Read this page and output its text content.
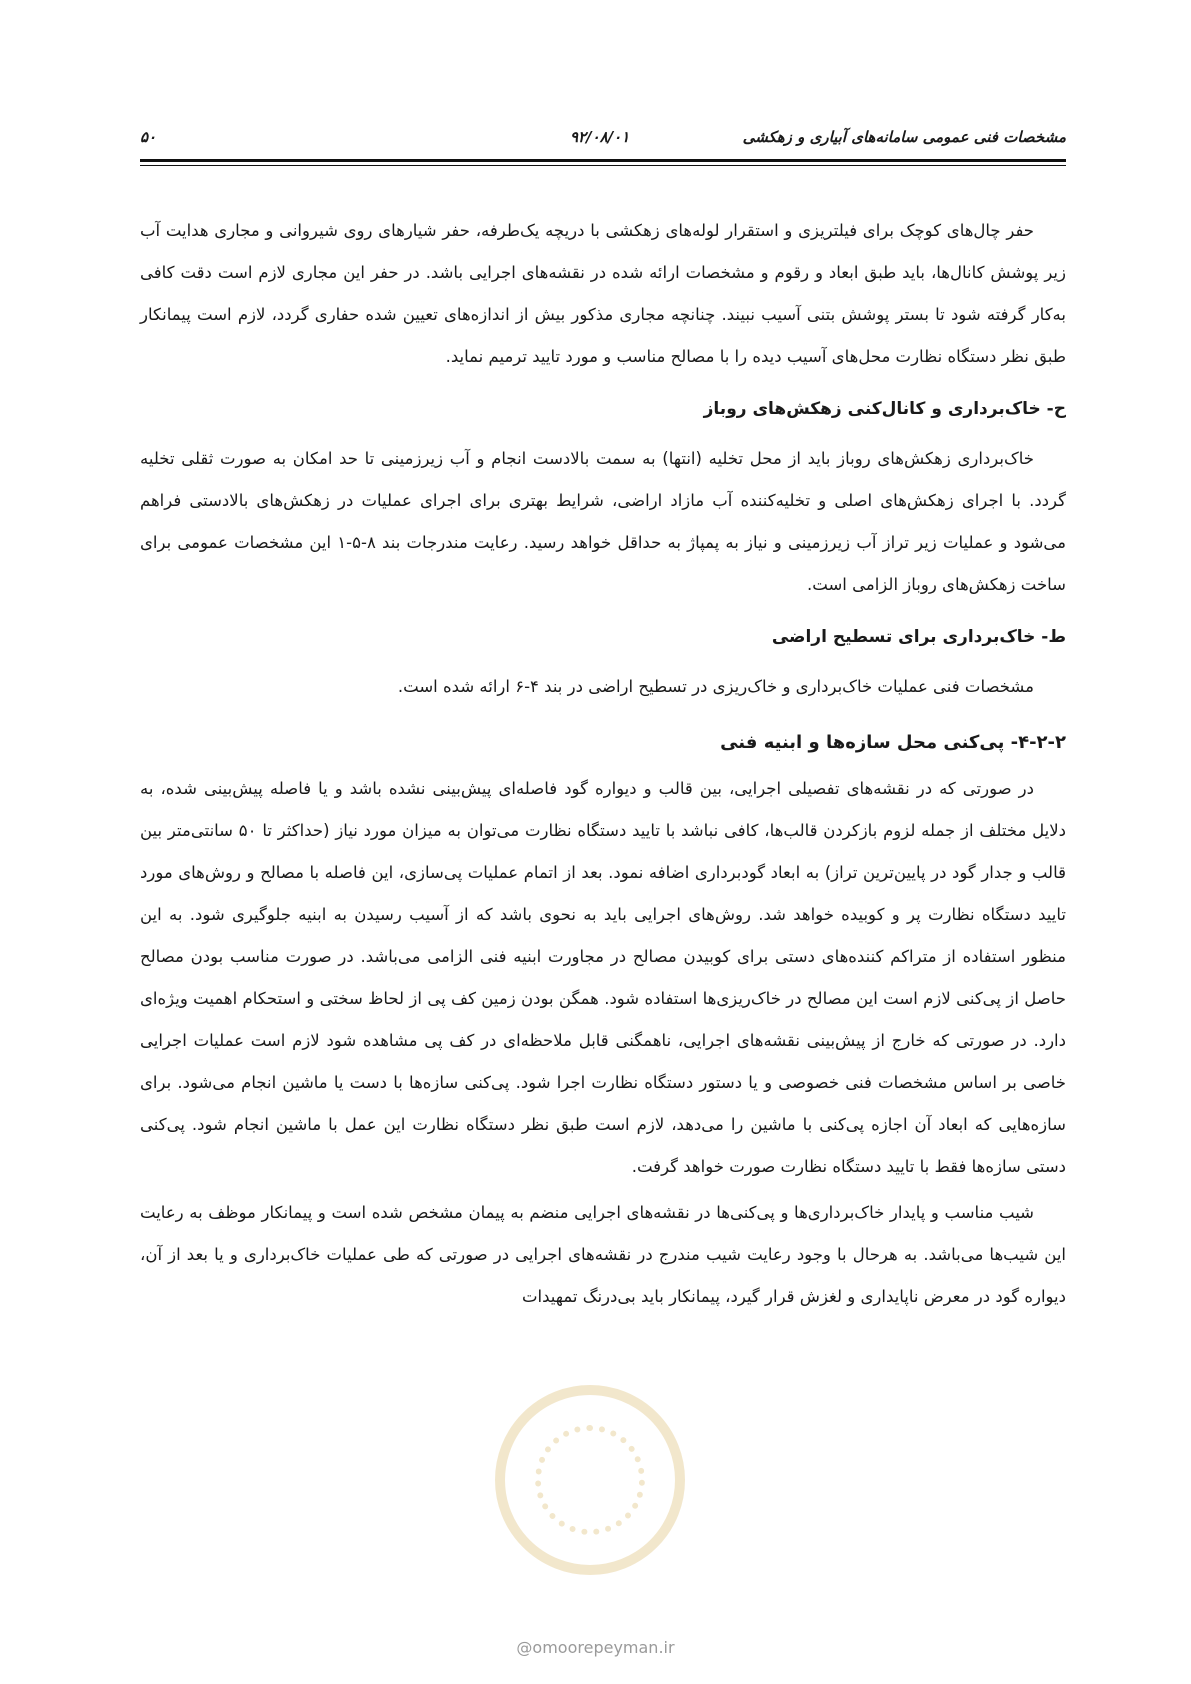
۵۰	۹۲/۰۸/۰۱	مشخصات فنی عمومی سامانه‌های آبیاری و زهکشی

حفر چال‌های کوچک برای فیلتریزی و استقرار لوله‌های زهکشی با دریچه یک‌طرفه، حفر شیارهای روی شیروانی و مجاری هدایت آب زیر پوشش کانال‌ها، باید طبق ابعاد و رقوم و مشخصات ارائه شده در نقشه‌های اجرایی باشد. در حفر این مجاری لازم است دقت کافی به‌کار گرفته شود تا بستر پوشش بتنی آسیب نبیند. چنانچه مجاری مذکور بیش از اندازه‌های تعیین شده حفاری گردد، لازم است پیمانکار طبق نظر دستگاه نظارت محل‌های آسیب دیده را با مصالح مناسب و مورد تایید ترمیم نماید.

ح- خاک‌برداری و کانال‌کنی زهکش‌های روباز

خاک‌برداری زهکش‌های روباز باید از محل تخلیه (انتها) به سمت بالادست انجام و آب زیرزمینی تا حد امکان به صورت ثقلی تخلیه گردد. با اجرای زهکش‌های اصلی و تخلیه‌کننده آب مازاد اراضی، شرایط بهتری برای اجرای عملیات در زهکش‌های بالادستی فراهم می‌شود و عملیات زیر تراز آب زیرزمینی و نیاز به پمپاژ به حداقل خواهد رسید. رعایت مندرجات بند ۸-۵-۱ این مشخصات عمومی برای ساخت زهکش‌های روباز الزامی است.

ط- خاک‌برداری برای تسطیح اراضی

مشخصات فنی عملیات خاک‌برداری و خاک‌ریزی در تسطیح اراضی در بند ۴-۶ ارائه شده است.

۴-۲-۲- پی‌کنی محل سازه‌ها و ابنیه فنی

در صورتی که در نقشه‌های تفصیلی اجرایی، بین قالب و دیواره گود فاصله‌ای پیش‌بینی نشده باشد و یا فاصله پیش‌بینی شده، به دلایل مختلف از جمله لزوم بازکردن قالب‌ها، کافی نباشد با تایید دستگاه نظارت می‌توان به میزان مورد نیاز (حداکثر تا ۵۰ سانتی‌متر بین قالب و جدار گود در پایین‌ترین تراز) به ابعاد گودبرداری اضافه نمود. بعد از اتمام عملیات پی‌سازی، این فاصله با مصالح و روش‌های مورد تایید دستگاه نظارت پر و کوبیده خواهد شد. روش‌های اجرایی باید به نحوی باشد که از آسیب رسیدن به ابنیه جلوگیری شود. به این منظور استفاده از متراکم کننده‌های دستی برای کوبیدن مصالح در مجاورت ابنیه فنی الزامی می‌باشد. در صورت مناسب بودن مصالح حاصل از پی‌کنی لازم است این مصالح در خاک‌ریزی‌ها استفاده شود. همگن بودن زمین کف پی از لحاظ سختی و استحکام اهمیت ویژه‌ای دارد. در صورتی که خارج از پیش‌بینی نقشه‌های اجرایی، ناهمگنی قابل ملاحظه‌ای در کف پی مشاهده شود لازم است عملیات اجرایی خاصی بر اساس مشخصات فنی خصوصی و یا دستور دستگاه نظارت اجرا شود. پی‌کنی سازه‌ها با دست یا ماشین انجام می‌شود. برای سازه‌هایی که ابعاد آن اجازه پی‌کنی با ماشین را می‌دهد، لازم است طبق نظر دستگاه نظارت این عمل با ماشین انجام شود. پی‌کنی دستی سازه‌ها فقط با تایید دستگاه نظارت صورت خواهد گرفت.

شیب مناسب و پایدار خاک‌برداری‌ها و پی‌کنی‌ها در نقشه‌های اجرایی منضم به پیمان مشخص شده است و پیمانکار موظف به رعایت این شیب‌ها می‌باشد. به هرحال با وجود رعایت شیب مندرج در نقشه‌های اجرایی در صورتی که طی عملیات خاک‌برداری و یا بعد از آن، دیواره گود در معرض ناپایداری و لغزش قرار گیرد، پیمانکار باید بی‌درنگ تمهیدات

@omoorepeyman.ir
